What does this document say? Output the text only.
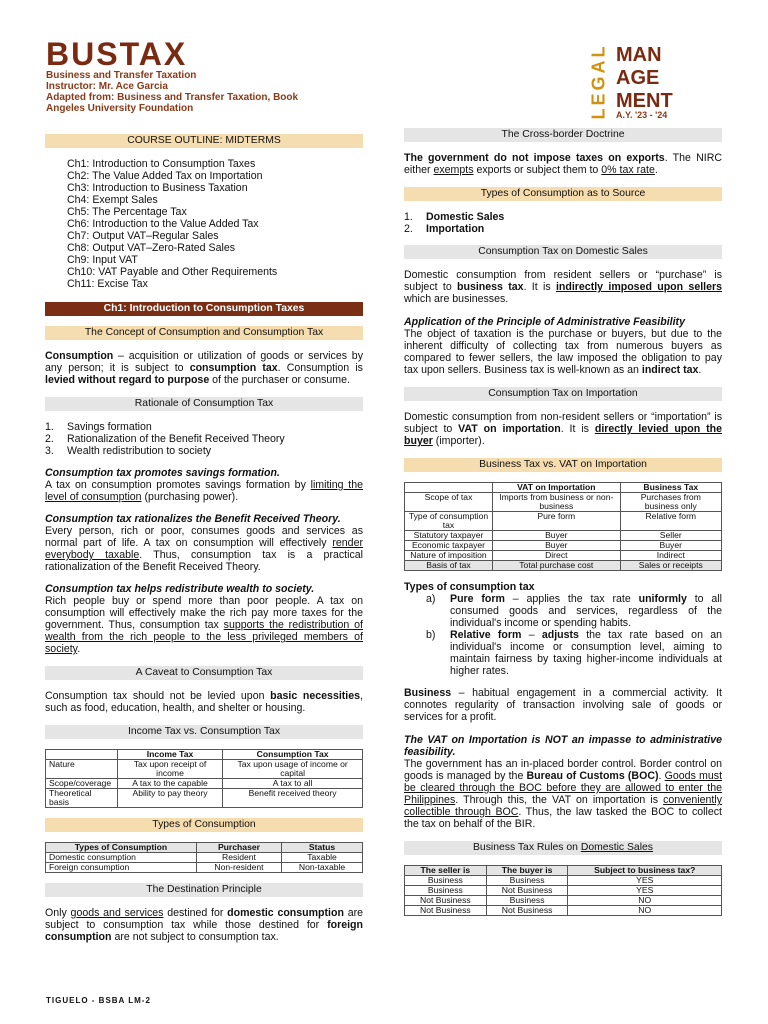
BUSTAX
Business and Transfer Taxation
Instructor: Mr. Ace Garcia
Adapted from: Business and Transfer Taxation, Book
Angeles University Foundation	LEGAL MAN
AGE
MENT
A.Y. '23 - '24
COURSE OUTLINE: MIDTERMS
Ch1: Introduction to Consumption Taxes
Ch2: The Value Added Tax on Importation
Ch3: Introduction to Business Taxation
Ch4: Exempt Sales
Ch5: The Percentage Tax
Ch6: Introduction to the Value Added Tax
Ch7: Output VAT–Regular Sales
Ch8: Output VAT–Zero-Rated Sales
Ch9: Input VAT
Ch10: VAT Payable and Other Requirements
Ch11: Excise Tax
Ch1: Introduction to Consumption Taxes
The Concept of Consumption and Consumption Tax

Consumption – acquisition or utilization of goods or services by any person; it is subject to consumption tax. Consumption is levied without regard to purpose of the purchaser or consume.

Rationale of Consumption Tax
1. Savings formation
2. Rationalization of the Benefit Received Theory
3. Wealth redistribution to society

Consumption tax promotes savings formation.
A tax on consumption promotes savings formation by limiting the level of consumption (purchasing power).

Consumption tax rationalizes the Benefit Received Theory.
Every person, rich or poor, consumes goods and services as normal part of life. A tax on consumption will effectively render everybody taxable. Thus, consumption tax is a practical rationalization of the Benefit Received Theory.

Consumption tax helps redistribute wealth to society.
Rich people buy or spend more than poor people. A tax on consumption will effectively make the rich pay more taxes for the government. Thus, consumption tax supports the redistribution of wealth from the rich people to the less privileged members of society.

A Caveat to Consumption Tax

Consumption tax should not be levied upon basic necessities, such as food, education, health, and shelter or housing.

Income Tax vs. Consumption Tax
	Income Tax	Consumption Tax
Nature	Tax upon receipt of income	Tax upon usage of income or capital
Scope/coverage	A tax to the capable	A tax to all
Theoretical basis	Ability to pay theory	Benefit received theory
Types of Consumption
Types of Consumption	Purchaser	Status
Domestic consumption	Resident	Taxable
Foreign consumption	Non-resident	Non-taxable
The Destination Principle

Only goods and services destined for domestic consumption are subject to consumption tax while those destined for foreign consumption are not subject to consumption tax.

The Cross-border Doctrine

The government do not impose taxes on exports. The NIRC either exempts exports or subject them to 0% tax rate.

Types of Consumption as to Source
1. Domestic Sales
2. Importation
Consumption Tax on Domestic Sales

Domestic consumption from resident sellers or “purchase” is subject to business tax. It is indirectly imposed upon sellers which are businesses.

Application of the Principle of Administrative Feasibility
The object of taxation is the purchase or buyers, but due to the inherent difficulty of collecting tax from numerous buyers as compared to fewer sellers, the law imposed the obligation to pay tax upon sellers. Business tax is well-known as an indirect tax.

Consumption Tax on Importation

Domestic consumption from non-resident sellers or “importation” is subject to VAT on importation. It is directly levied upon the buyer (importer).

Business Tax vs. VAT on Importation
	VAT on Importation	Business Tax
Scope of tax	Imports from business or non-business	Purchases from business only
Type of consumption tax	Pure form	Relative form
Statutory taxpayer	Buyer	Seller
Economic taxpayer	Buyer	Buyer
Nature of imposition	Direct	Indirect
Basis of tax	Total purchase cost	Sales or receipts
Types of consumption tax
a) Pure form – applies the tax rate uniformly to all consumed goods and services, regardless of the individual's income or spending habits.
b) Relative form – adjusts the tax rate based on an individual's income or consumption level, aiming to maintain fairness by taxing higher-income individuals at higher rates.

Business – habitual engagement in a commercial activity. It connotes regularity of transaction involving sale of goods or services for a profit.

The VAT on Importation is NOT an impasse to administrative feasibility.
The government has an in-placed border control. Border control on goods is managed by the Bureau of Customs (BOC). Goods must be cleared through the BOC before they are allowed to enter the Philippines. Through this, the VAT on importation is conveniently collectible through BOC. Thus, the law tasked the BOC to collect the tax on behalf of the BIR.

Business Tax Rules on Domestic Sales
The seller is	The buyer is	Subject to business tax?
Business	Business	YES
Business	Not Business	YES
Not Business	Business	NO
Not Business	Not Business	NO
TIGUELO - BSBA LM-2
